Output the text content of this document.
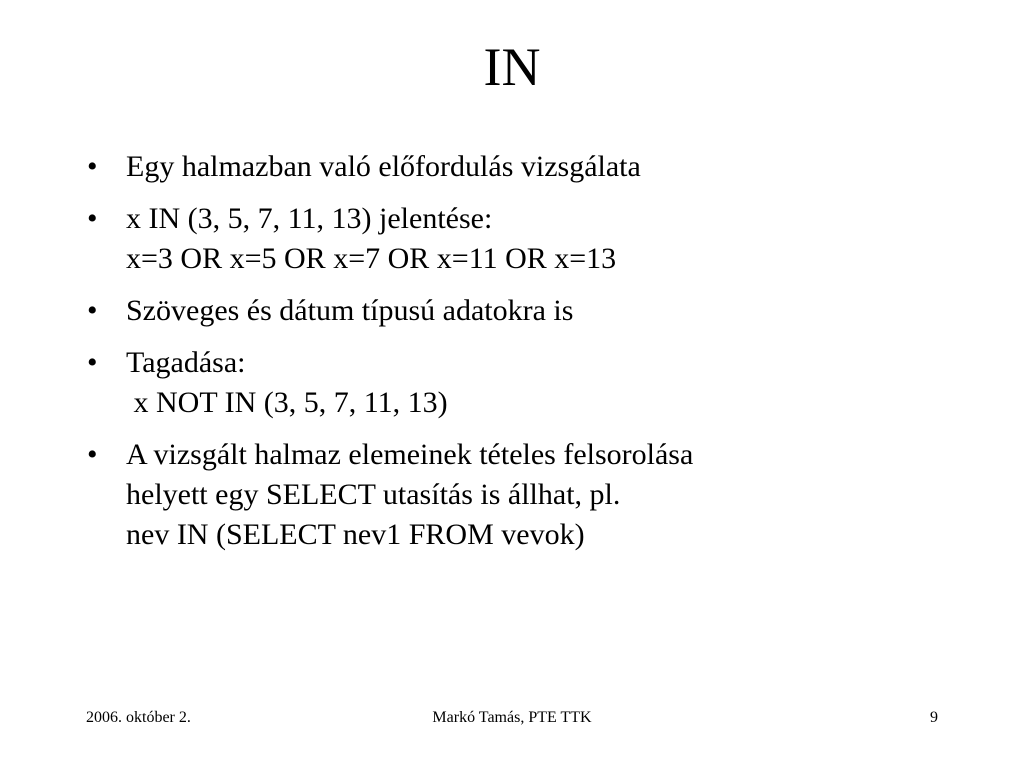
IN
• Egy halmazban való előfordulás vizsgálata
• x IN (3, 5, 7, 11, 13) jelentése:
x=3 OR x=5 OR x=7 OR x=11 OR x=13
• Szöveges és dátum típusú adatokra is
• Tagadása:
x NOT IN (3, 5, 7, 11, 13)
• A vizsgált halmaz elemeinek tételes felsorolása
helyett egy SELECT utasítás is állhat, pl.
nev IN (SELECT nev1 FROM vevok)
Markó Tamás, PTE TTK
2006. október 2.	9
